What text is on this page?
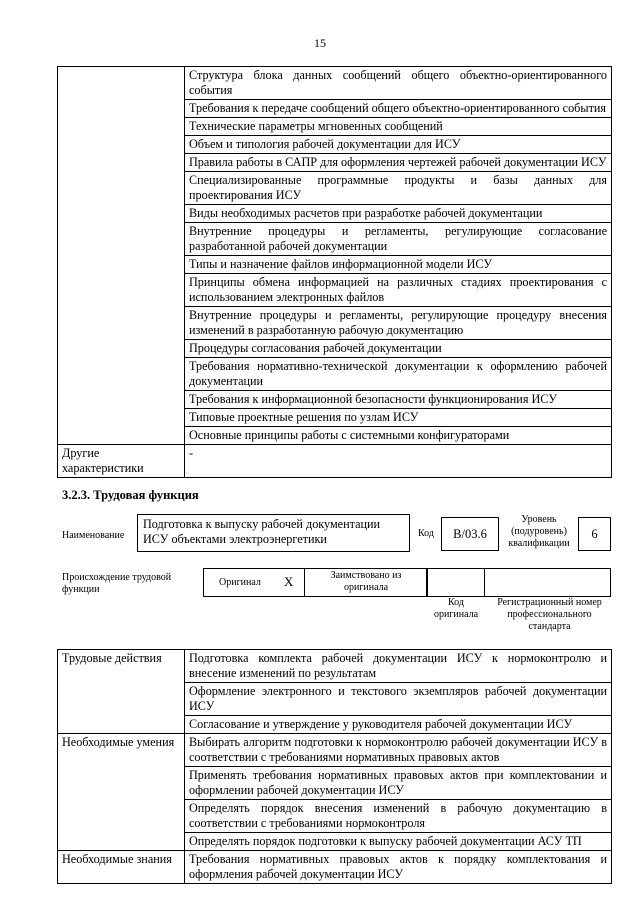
15
	Структура блока данных сообщений общего объектно-ориентированного события
	Требования к передаче сообщений общего объектно-ориентированного события
	Технические параметры мгновенных сообщений
	Объем и типология рабочей документации для ИСУ
	Правила работы в САПР для оформления чертежей рабочей документации ИСУ
	Специализированные программные продукты и базы данных для проектирования ИСУ
	Виды необходимых расчетов при разработке рабочей документации
	Внутренние процедуры и регламенты, регулирующие согласование разработанной рабочей документации
	Типы и назначение файлов информационной модели ИСУ
	Принципы обмена информацией на различных стадиях проектирования с использованием электронных файлов
	Внутренние процедуры и регламенты, регулирующие процедуру внесения изменений в разработанную рабочую документацию
	Процедуры согласования рабочей документации
	Требования нормативно-технической документации к оформлению рабочей документации
	Требования к информационной безопасности функционирования ИСУ
	Типовые проектные решения по узлам ИСУ
	Основные принципы работы с системными конфигураторами
Другие характеристики	-
3.2.3. Трудовая функция
Наименование
Подготовка к выпуску рабочей документации ИСУ объектами электроэнергетики	Код	B/03.6
Уровень (подуровень) квалификации
6
Происхождение трудовой функции
Оригинал X	Заимствовано из оригинала
Код оригинала
Регистрационный номер профессионального стандарта
Трудовые действия	Подготовка комплекта рабочей документации ИСУ к нормоконтролю и внесение изменений по результатам
	Оформление электронного и текстового экземпляров рабочей документации ИСУ
	Согласование и утверждение у руководителя рабочей документации ИСУ
Необходимые умения	Выбирать алгоритм подготовки к нормоконтролю рабочей документации ИСУ в соответствии с требованиями нормативных правовых актов
	Применять требования нормативных правовых актов при комплектовании и оформлении рабочей документации ИСУ
	Определять порядок внесения изменений в рабочую документацию в соответствии с требованиями нормоконтроля
	Определять порядок подготовки к выпуску рабочей документации АСУ ТП
Необходимые знания	Требования нормативных правовых актов к порядку комплектования и оформления рабочей документации ИСУ
